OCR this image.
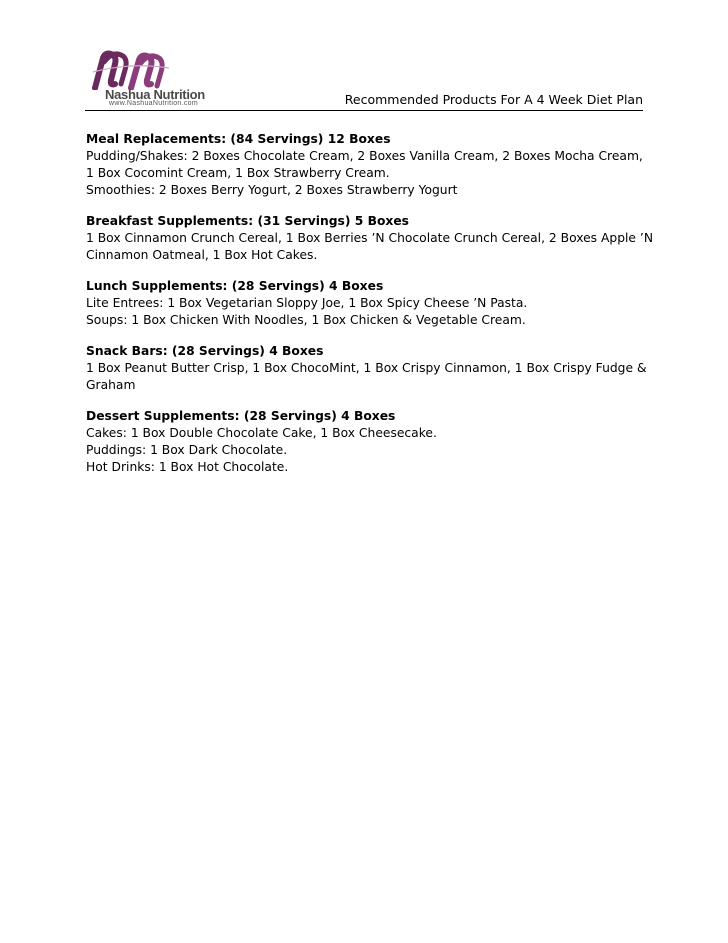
Nashua Nutrition
www.NashuaNutrition.com	Recommended Products For A 4 Week Diet Plan
Meal Replacements: (84 Servings) 12 Boxes
Pudding/Shakes: 2 Boxes Chocolate Cream, 2 Boxes Vanilla Cream, 2 Boxes Mocha Cream,
1 Box Cocomint Cream, 1 Box Strawberry Cream.
Smoothies: 2 Boxes Berry Yogurt, 2 Boxes Strawberry Yogurt
Breakfast Supplements: (31 Servings) 5 Boxes
1 Box Cinnamon Crunch Cereal, 1 Box Berries ’N Chocolate Crunch Cereal, 2 Boxes Apple ’N
Cinnamon Oatmeal, 1 Box Hot Cakes.
Lunch Supplements: (28 Servings) 4 Boxes
Lite Entrees: 1 Box Vegetarian Sloppy Joe, 1 Box Spicy Cheese ’N Pasta.
Soups: 1 Box Chicken With Noodles, 1 Box Chicken & Vegetable Cream.
Snack Bars: (28 Servings) 4 Boxes
1 Box Peanut Butter Crisp, 1 Box ChocoMint, 1 Box Crispy Cinnamon, 1 Box Crispy Fudge &
Graham
Dessert Supplements: (28 Servings) 4 Boxes
Cakes: 1 Box Double Chocolate Cake, 1 Box Cheesecake.
Puddings: 1 Box Dark Chocolate.
Hot Drinks: 1 Box Hot Chocolate.
